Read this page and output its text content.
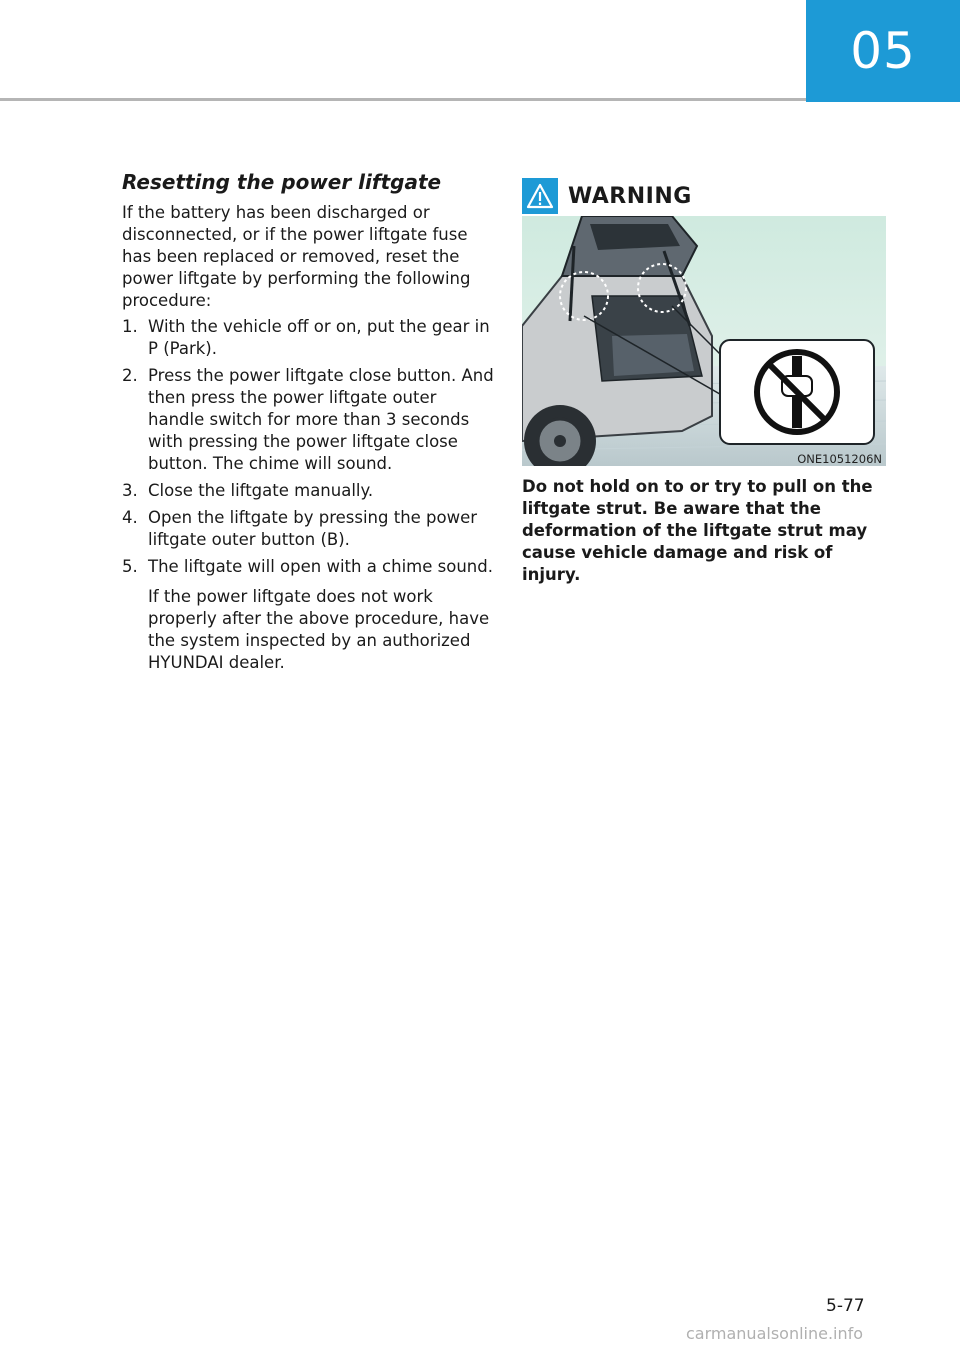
05
Resetting the power liftgate

If the battery has been discharged or disconnected, or if the power liftgate fuse has been replaced or removed, reset the power liftgate by performing the following procedure:

1. With the vehicle off or on, put the gear in P (Park).
2. Press the power liftgate close button. And then press the power liftgate outer handle switch for more than 3 seconds with pressing the power liftgate close button. The chime will sound.
3. Close the liftgate manually.
4. Open the liftgate by pressing the power liftgate outer button (B).
5. The liftgate will open with a chime sound.
If the power liftgate does not work properly after the above procedure, have the system inspected by an authorized HYUNDAI dealer.
WARNING
ONE1051206N

Do not hold on to or try to pull on the liftgate strut. Be aware that the deformation of the liftgate strut may cause vehicle damage and risk of injury.

5-77
carmanualsonline.info
